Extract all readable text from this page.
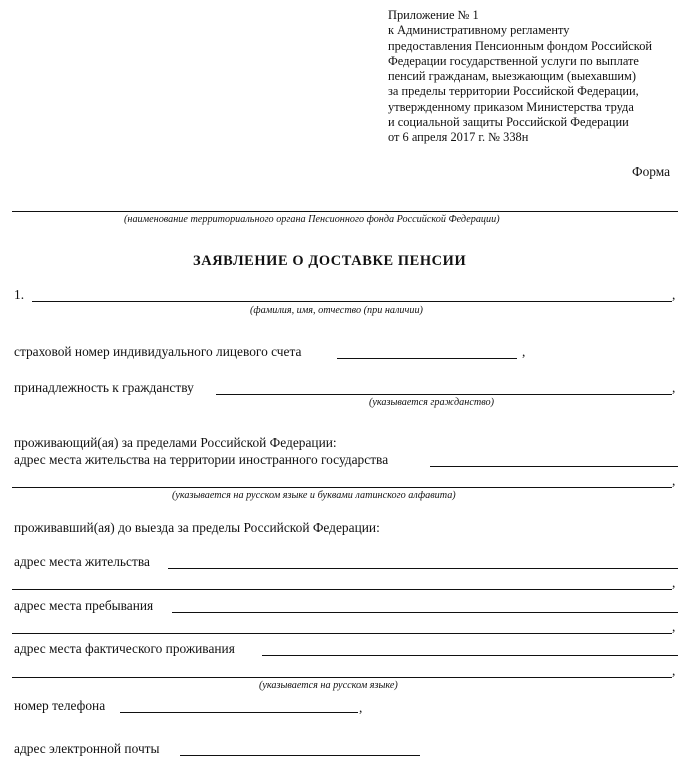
Приложение № 1
к Административному регламенту
предоставления Пенсионным фондом Российской
Федерации государственной услуги по выплате
пенсий гражданам, выезжающим (выехавшим)
за пределы территории Российской Федерации,
утвержденному приказом Министерства труда
и социальной защиты Российской Федерации
от 6 апреля 2017 г. № 338н
Форма
(наименование территориального органа Пенсионного фонда Российской Федерации)
ЗАЯВЛЕНИЕ О ДОСТАВКЕ ПЕНСИИ
1.	,
(фамилия, имя, отчество (при наличии)
страховой номер индивидуального лицевого счета	,
принадлежность к гражданству	,
(указывается гражданство)
проживающий(ая) за пределами Российской Федерации:
адрес места жительства на территории иностранного государства
,
(указывается на русском языке и буквами латинского алфавита)
проживавший(ая) до выезда за пределы Российской Федерации:
адрес места жительства
,
адрес места пребывания
,
адрес места фактического проживания
,
(указывается на русском языке)
номер телефона	,
адрес электронной почты
